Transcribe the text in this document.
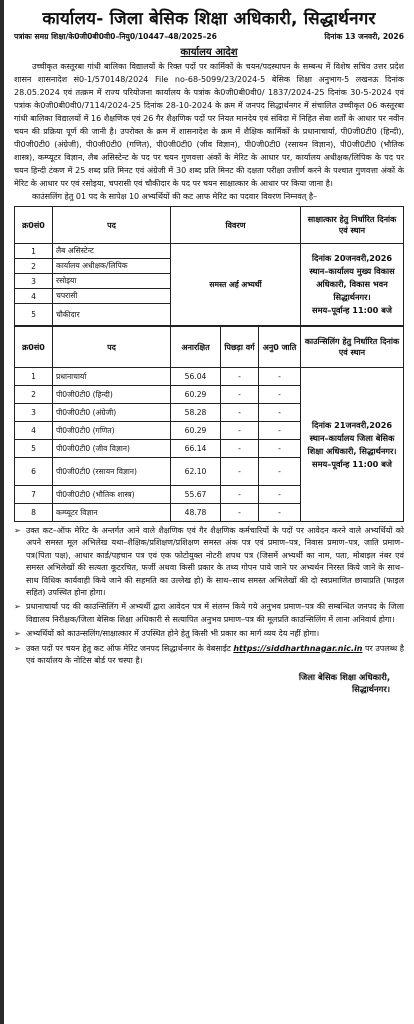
कार्यालय- जिला बेसिक शिक्षा अधिकारी, सिद्धार्थनगर
पत्रांकः समग्र शिक्षा/के0जी0बी0वी0–नियु0/10447–48/2025–26	दिनांक 13 जनवरी, 2026
कार्यालय आदेश

उच्चीकृत कस्तूरबा गांधी बालिका विद्यालयों के रिक्त पदों पर कार्मिकों के चयन/पदस्थापन के सम्बन्ध में विशेष सचिव उत्तर प्रदेश शासन शासनादेश सं0-1/570148/2024 File no-68-5099/23/2024-5 बेसिक शिक्षा अनुभाग-5 लखनऊ दिनांक 28.05.2024 एवं तत्क्रम में राज्य परियोजना कार्यालय के पत्रांक के0जी0बी0वी0/ 1837/2024-25 दिनांक 30-5-2024 एवं पत्रांक के0जी0बी0वी0/7114/2024-25 दिनांक 28-10-2024 के क्रम में जनपद सिद्धार्थनगर में संचालित उच्चीकृत 06 कस्तूरबा गांधी बालिका विद्यालयों में 16 शैक्षणिक एवं 26 गैर शैक्षणिक पदों पर नियत मानदेय एवं संविदा में निहित सेवा शर्तों के आधार पर नवीन चयन की प्रक्रिया पूर्ण की जानी है। उपरोक्त के क्रम में शासनादेश के क्रम में शैक्षिक कार्मिकों के प्रधानाचार्या, पी0जी0टी0 (हिन्दी), पी0जी0टी0 (अंग्रेजी), पी0जी0टी0 (गणित), पी0जी0टी0 (जीव विज्ञान), पी0जी0टी0 (रसायन विज्ञान), पी0जी0टी0 (भौतिक शास्त्र), कम्प्यूटर विज्ञान, लैब असिस्टेन्ट के पद पर चयन गुणवत्ता अंकों के मेरिट के आधार पर, कार्यालय अधीक्षक/लिपिक के पद पर चयन हिन्दी टंकण में 25 शब्द प्रति मिनट एवं अंग्रेजी में 30 शब्द प्रति मिनट की दक्षता परीक्षा उत्तीर्ण करने के पश्चात गुणवत्ता अंकों के मेरिट के आधार पर एवं रसोइया, चपरासी एवं चौकीदार के पद पर चयन साक्षात्कार के आधार पर किया जाना है।

काउंसलिंग हेतु 01 पद के सापेक्ष 10 अभ्यर्थियों की कट आफ मेरिट का पदवार विवरण निम्नवत् है–

क्र0सं0	पद	विवरण	साक्षात्कार हेतु निर्धारित दिनांक एवं स्थान
1	लैब असिस्टेन्ट	समस्त अर्ह अभ्यर्थी	दिनांक 20जनवरी,2026 स्थान–कार्यालय मुख्य विकास अधिकारी, विकास भवन सिद्धार्थनगर।
समय–पूर्वान्ह 11:00 बजे

2	कार्यालय अधीक्षक/लिपिक		
3	रसोइया		
4	चपरासी		
5	चौकीदार		
क्र0सं0	पद	अनारक्षित	पिछड़ा वर्ग	अनु0 जाति	काउन्सिलिंग हेतु निर्धारित दिनांक एवं स्थान
1	प्रधानाचार्या	56.04	-	-	दिनांक 21जनवरी,2026 स्थान–कार्यालय जिला बेसिक शिक्षा अधिकारी, सिद्धार्थनगर।
समय–पूर्वान्ह 11:00 बजे

2	पी0जी0टी0 (हिन्दी)	60.29	-	-	
3	पी0जी0टी0 (अंग्रेजी)	58.28	-	-	
4	पी0जी0टी0 (गणित)	60.29	-	-	
5	पी0जी0टी0 (जीव विज्ञान)	66.14	-	-	
6	पी0जी0टी0 (रसायन विज्ञान)	62.10	-	-	
7	पी0जी0टी0 (भौतिक शास्त्र)	55.67	-	-	
8	कम्प्यूटर विज्ञान	48.78	-	-	
➢ उक्त कट–ऑफ मेरिट के अन्तर्गत आने वाले शैक्षणिक एवं गैर शैक्षणिक कर्मचारियों के पदों पर आवेदन करने वाले अभ्यर्थियों को अपने समस्त मूल अभिलेख यथा–शैक्षिक/प्रशिक्षण/प्रशिक्षण समस्त अंक पत्र एवं प्रमाण–पत्र, निवास प्रमाण–पत्र, जाति प्रमाण–पत्र(पिता पक्ष), आधार कार्ड/पहचान पत्र एवं एक फोटोयुक्त नोटरी शपथ पत्र (जिसमें अभ्यर्थी का नाम, पता, मोबाइल नंबर एवं समस्त अभिलेखों की सत्यता कूटरचित, फर्जी अथवा किसी प्रकार के तथ्य गोपन पाये जाने पर अभ्यर्थन निरस्त किये जाने के साथ–साथ विधिक कार्यवाही किये जाने की सहमति का उल्लेख हो) के साथ–साथ समस्त अभिलेखों की दो स्वप्रमाणित छायाप्रति (फाइल सहित) उपस्थित होना होगा।
➢ प्रधानाचार्या पद की काउन्सिलिंग में अभ्यर्थी द्वारा आवेदन पत्र में संलग्न किये गये अनुभव प्रमाण–पत्र की सम्बन्धित जनपद के जिला विद्यालय निरीक्षक/जिला बेसिक शिक्षा अधिकारी से सत्यापित अनुभव प्रमाण–पत्र की मूलप्रति काउन्सिलिंग में लाना अनिवार्य होगा।
➢ अभ्यर्थियों को काउन्सलिंग/साक्षात्कार में उपस्थित होने हेतु किसी भी प्रकार का मार्ग व्यय देय नहीं होगा।
➢ उक्त पदों पर चयन हेतु कट ऑफ मेरिट जनपद सिद्धार्थनगर के वेबसाईट https://siddharthnagar.nic.in पर उपलब्ध है एवं कार्यालय के नोटिस बोर्ड पर चस्पा है।
जिला बेसिक शिक्षा अधिकारी,
सिद्धार्थनगर।
